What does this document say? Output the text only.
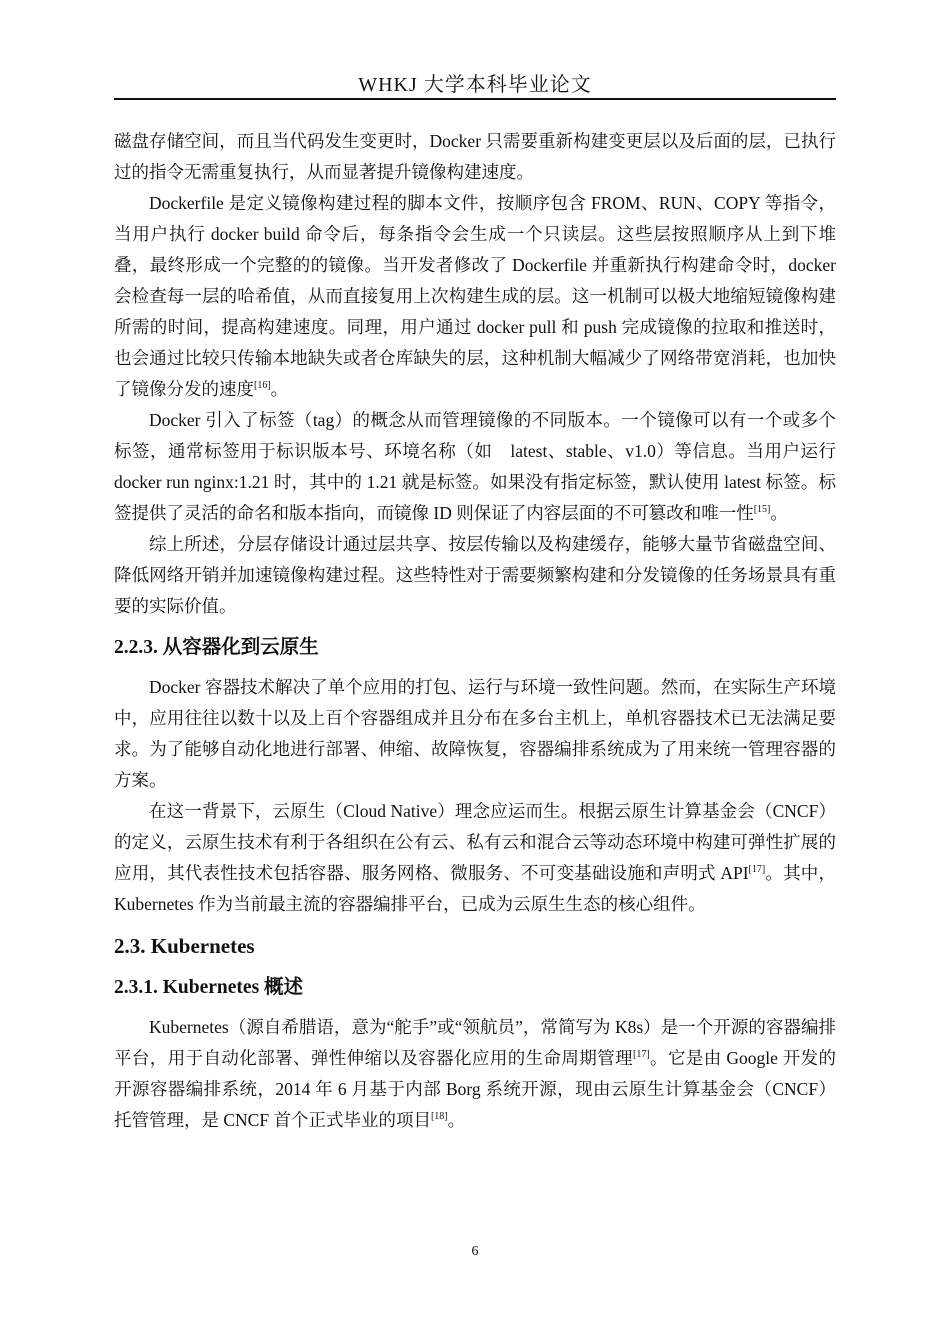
WHKJ 大学本科毕业论文

磁盘存储空间，而且当代码发生变更时，Docker 只需要重新构建变更层以及后面的层，已执行过的指令无需重复执行，从而显著提升镜像构建速度。

Dockerfile 是定义镜像构建过程的脚本文件，按顺序包含 FROM、RUN、COPY 等指令，当用户执行 docker build 命令后，每条指令会生成一个只读层。这些层按照顺序从上到下堆叠，最终形成一个完整的的镜像。当开发者修改了 Dockerfile 并重新执行构建命令时，docker 会检查每一层的哈希值，从而直接复用上次构建生成的层。这一机制可以极大地缩短镜像构建所需的时间，提高构建速度。同理，用户通过 docker pull 和 push 完成镜像的拉取和推送时，也会通过比较只传输本地缺失或者仓库缺失的层，这种机制大幅减少了网络带宽消耗，也加快了镜像分发的速度[16]。

Docker 引入了标签（tag）的概念从而管理镜像的不同版本。一个镜像可以有一个或多个标签，通常标签用于标识版本号、环境名称（如　latest、stable、v1.0）等信息。当用户运行 docker run nginx:1.21 时，其中的 1.21 就是标签。如果没有指定标签，默认使用 latest 标签。标签提供了灵活的命名和版本指向，而镜像 ID 则保证了内容层面的不可篡改和唯一性[15]。

综上所述，分层存储设计通过层共享、按层传输以及构建缓存，能够大量节省磁盘空间、降低网络开销并加速镜像构建过程。这些特性对于需要频繁构建和分发镜像的任务场景具有重要的实际价值。

2.2.3. 从容器化到云原生

Docker 容器技术解决了单个应用的打包、运行与环境一致性问题。然而，在实际生产环境中，应用往往以数十以及上百个容器组成并且分布在多台主机上，单机容器技术已无法满足要求。为了能够自动化地进行部署、伸缩、故障恢复，容器编排系统成为了用来统一管理容器的方案。

在这一背景下，云原生（Cloud Native）理念应运而生。根据云原生计算基金会（CNCF）的定义，云原生技术有利于各组织在公有云、私有云和混合云等动态环境中构建可弹性扩展的应用，其代表性技术包括容器、服务网格、微服务、不可变基础设施和声明式 API[17]。其中，Kubernetes 作为当前最主流的容器编排平台，已成为云原生生态的核心组件。

2.3. Kubernetes
2.3.1. Kubernetes 概述

Kubernetes（源自希腊语，意为“舵手”或“领航员”，常简写为 K8s）是一个开源的容器编排平台，用于自动化部署、弹性伸缩以及容器化应用的生命周期管理[17]。它是由 Google 开发的开源容器编排系统，2014 年 6 月基于内部 Borg 系统开源，现由云原生计算基金会（CNCF）托管管理，是 CNCF 首个正式毕业的项目[18]。

6
